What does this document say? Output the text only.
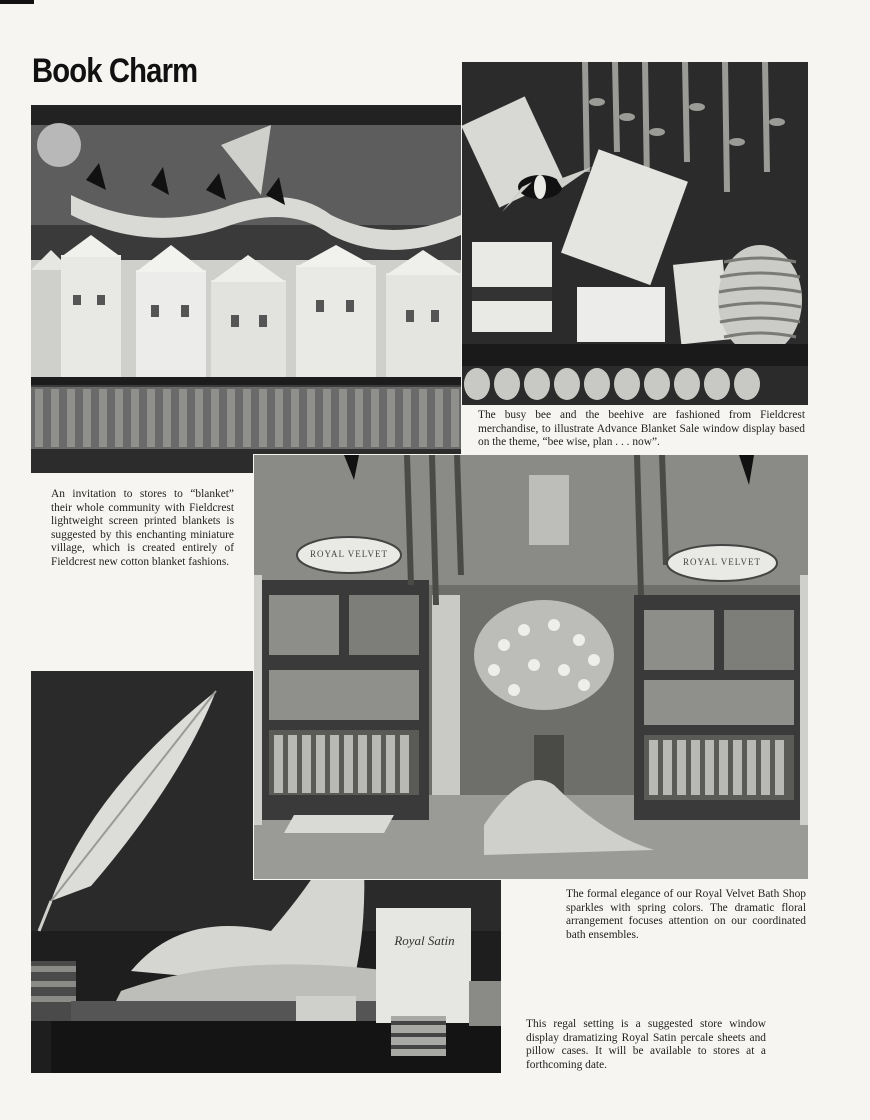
Book Charm
Royal Satin
ROYAL VELVET
ROYAL VELVET

An invitation to stores to “blanket” their whole community with Fieldcrest lightweight screen printed blankets is suggested by this enchanting miniature village, which is created entirely of Fieldcrest new cotton blanket fashions.

The busy bee and the beehive are fashioned from Fieldcrest merchandise, to illustrate Advance Blanket Sale window display based on the theme, “bee wise, plan . . . now”.

The formal elegance of our Royal Velvet Bath Shop sparkles with spring colors. The dramatic floral arrangement focuses attention on our coordinated bath ensembles.

This regal setting is a suggested store window display dramatizing Royal Satin percale sheets and pillow cases. It will be available to stores at a forthcoming date.
